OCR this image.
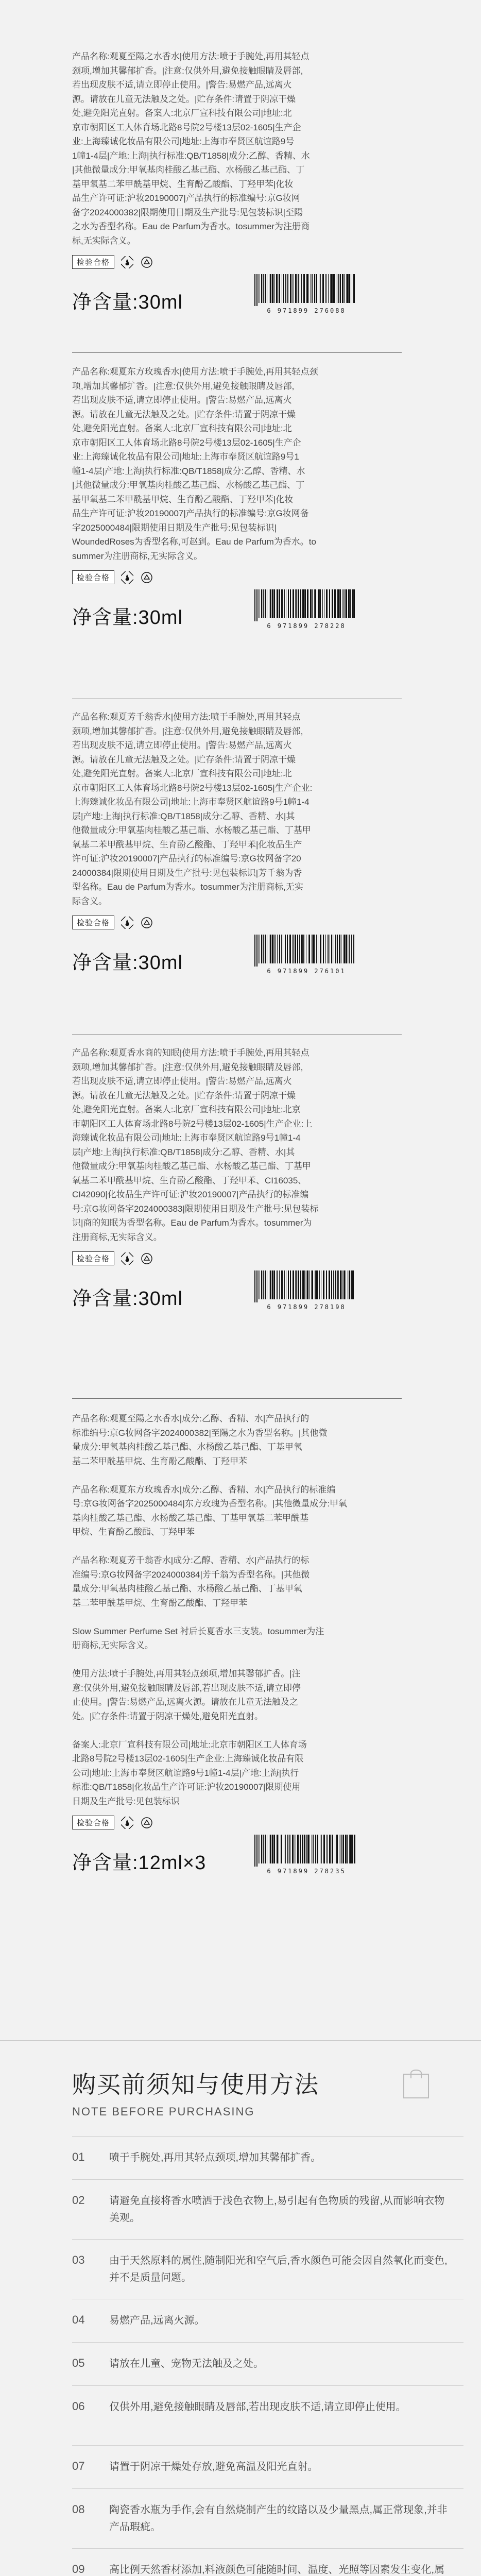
产品名称:观夏至陽之水香水|使用方法:喷于手腕处,再用其轻点
颈项,增加其馨郁扩香。|注意:仅供外用,避免接触眼睛及唇部,
若出现皮肤不适,请立即停止使用。|警告:易燃产品,远离火
源。请放在儿童无法触及之处。|贮存条件:请置于阴凉干燥
处,避免阳光直射。备案人:北京厂宣科技有限公司|地址:北
京市朝阳区工人体育场北路8号院2号楼13层02-1605|生产企
业:上海臻诚化妆品有限公司|地址:上海市奉贤区航谊路9号
1幢1-4层|产地:上海|执行标准:QB/T1858|成分:乙醇、香精、水
|其他微量成分:甲氧基肉桂酸乙基己酯、水杨酸乙基己酯、丁
基甲氧基二苯甲酰基甲烷、生育酚乙酸酯、丁羟甲苯|化妆
品生产许可证:沪妆20190007|产品执行的标准编号:京G妆网
备字2024000382|限期使用日期及生产批号:见包装标识|至陽
之水为香型名称。Eau de Parfum为香水。tosummer为注册商
标,无实际含义。

检验合格
净含量:30ml	6 971899 276088

产品名称:观夏东方玫瑰香水|使用方法:喷于手腕处,再用其轻点颈
项,增加其馨郁扩香。|注意:仅供外用,避免接触眼睛及唇部,
若出现皮肤不适,请立即停止使用。|警告:易燃产品,远离火
源。请放在儿童无法触及之处。|贮存条件:请置于阴凉干燥
处,避免阳光直射。备案人:北京厂宣科技有限公司|地址:北
京市朝阳区工人体育场北路8号院2号楼13层02-1605|生产企
业:上海臻诚化妆品有限公司|地址:上海市奉贤区航谊路9号1
幢1-4层|产地:上海|执行标准:QB/T1858|成分:乙醇、香精、水
|其他微量成分:甲氧基肉桂酸乙基己酯、水杨酸乙基己酯、丁
基甲氧基二苯甲酰基甲烷、生育酚乙酸酯、丁羟甲苯|化妆
品生产许可证:沪妆20190007|产品执行的标准编号:京G妆网备
字2025000484|限期使用日期及生产批号:见包装标识|
WoundedRoses为香型名称,可赵到。Eau de Parfum为香水。to
summer为注册商标,无实际含义。

检验合格
净含量:30ml	6 971899 278228

产品名称:观夏芳千翁香水|使用方法:喷于手腕处,再用其轻点
颈项,增加其馨郁扩香。|注意:仅供外用,避免接触眼睛及唇部,
若出现皮肤不适,请立即停止使用。|警告:易燃产品,远离火
源。请放在儿童无法触及之处。|贮存条件:请置于阴凉干燥
处,避免阳光直射。备案人:北京厂宣科技有限公司|地址:北
京市朝阳区工人体育场北路8号院2号楼13层02-1605|生产企业:
上海臻诚化妆品有限公司|地址:上海市奉贤区航谊路9号1幢1-4
层|产地:上海|执行标准:QB/T1858|成分:乙醇、香精、水|其
他微量成分:甲氧基肉桂酸乙基己酯、水杨酸乙基己酯、丁基甲
氧基二苯甲酰基甲烷、生育酚乙酸酯、丁羟甲苯|化妆品生产
许可证:沪妆20190007|产品执行的标准编号:京G妆网备字20
24000384|限期使用日期及生产批号:见包装标识|芳千翁为香
型名称。Eau de Parfum为香水。tosummer为注册商标,无实
际含义。

检验合格
净含量:30ml	6 971899 276101

产品名称:观夏香水商的知眠|使用方法:喷于手腕处,再用其轻点
颈项,增加其馨郁扩香。|注意:仅供外用,避免接触眼睛及唇部,
若出现皮肤不适,请立即停止使用。|警告:易燃产品,远离火
源。请放在儿童无法触及之处。|贮存条件:请置于阴凉干燥
处,避免阳光直射。备案人:北京厂宣科技有限公司|地址:北京
市朝阳区工人体育场北路8号院2号楼13层02-1605|生产企业:上
海臻诚化妆品有限公司|地址:上海市奉贤区航谊路9号1幢1-4
层|产地:上海|执行标准:QB/T1858|成分:乙醇、香精、水|其
他微量成分:甲氧基肉桂酸乙基己酯、水杨酸乙基己酯、丁基甲
氧基二苯甲酰基甲烷、生育酚乙酸酯、丁羟甲苯、CI16035、
CI42090|化妆品生产许可证:沪妆20190007|产品执行的标准编
号:京G妆网备字2024000383|限期使用日期及生产批号:见包装标
识|商的知眠为香型名称。Eau de Parfum为香水。tosummer为
注册商标,无实际含义。

检验合格
净含量:30ml	6 971899 278198

产品名称:观夏至陽之水香水|成分:乙醇、香精、水|产品执行的
标准编号:京G妆网备字2024000382|至陽之水为香型名称。|其他微
量成分:甲氧基肉桂酸乙基己酯、水杨酸乙基己酯、丁基甲氧
基二苯甲酰基甲烷、生育酚乙酸酯、丁羟甲苯

产品名称:观夏东方玫瑰香水|成分:乙醇、香精、水|产品执行的标准编
号:京G妆网备字2025000484|东方玫瑰为香型名称。|其他微量成分:甲氧
基肉桂酸乙基己酯、水杨酸乙基己酯、丁基甲氧基二苯甲酰基
甲烷、生育酚乙酸酯、丁羟甲苯

产品名称:观夏芳千翁香水|成分:乙醇、香精、水|产品执行的标
准编号:京G妆网备字2024000384|芳千翁为香型名称。|其他微
量成分:甲氧基肉桂酸乙基己酯、水杨酸乙基己酯、丁基甲氧
基二苯甲酰基甲烷、生育酚乙酸酯、丁羟甲苯

Slow Summer Perfume Set 衬后长夏香水三支装。tosummer为注
册商标,无实际含义。

使用方法:喷于手腕处,再用其轻点颈项,增加其馨郁扩香。|注
意:仅供外用,避免接触眼睛及唇部,若出现皮肤不适,请立即停
止使用。|警告:易燃产品,远离火源。请放在儿童无法触及之
处。|贮存条件:请置于阴凉干燥处,避免阳光直射。

备案人:北京厂宣科技有限公司|地址:北京市朝阳区工人体育场
北路8号院2号楼13层02-1605|生产企业:上海臻诚化妆品有限
公司|地址:上海市奉贤区航谊路9号1幢1-4层|产地:上海|执行
标准:QB/T1858|化妆品生产许可证:沪妆20190007|限期使用
日期及生产批号:见包装标识

检验合格
净含量:12ml×3	6 971899 278235
购买前须知与使用方法
NOTE BEFORE PURCHASING
01	喷于手腕处,再用其轻点颈项,增加其馨郁扩香。
02	请避免直接将香水喷洒于浅色衣物上,易引起有色物质的残留,从而影响衣物美观。
03	由于天然原料的属性,随制阳光和空气后,香水颜色可能会因自然氧化而变色,并不是质量问题。
04	易燃产品,远离火源。
05	请放在儿童、宠物无法触及之处。
06	仅供外用,避免接触眼睛及唇部,若出现皮肤不适,请立即停止使用。
07	请置于阴凉干燥处存放,避免高温及阳光直射。
08	陶瓷香水瓶为手作,会有自然烧制产生的纹路以及少量黑点,属正常现象,并非产品瑕疵。
09	高比例天然香材添加,料液颜色可能随时间、温度、光照等因素发生变化,属
